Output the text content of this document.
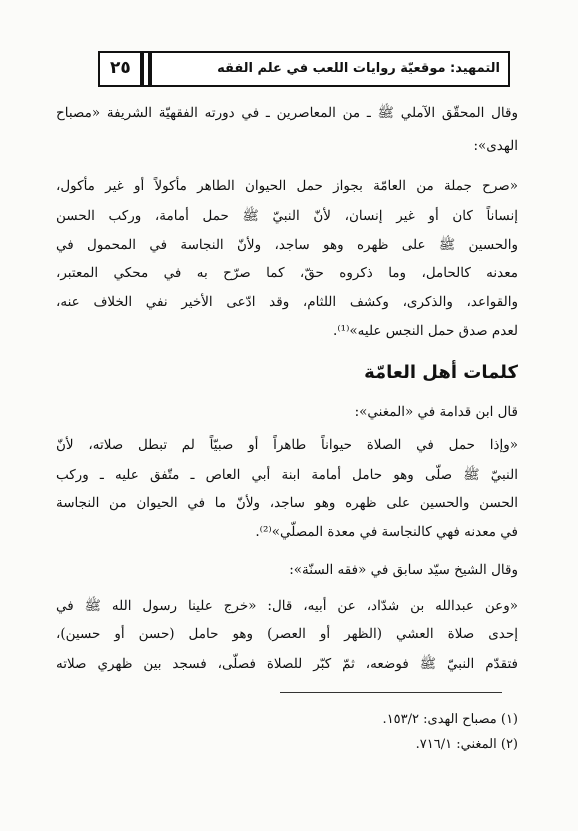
التمهيد: موقعيّة روايات اللعب في علم الفقه
٢٥
وقال المحقّق الآملي ﷺ ـ من المعاصرين ـ في دورته الفقهيّة الشريفة «مصباح
الهدى»:
«صرح جملة من العامّة بجواز حمل الحيوان الطاهر مأكولاً أو غير مأكول،
إنساناً كان أو غير إنسان، لأنّ النبيّ ﷺ حمل أمامة، وركب الحسن
والحسين ﷺ على ظهره وهو ساجد، ولأنّ النجاسة في المحمول في
معدنه كالحامل، وما ذكروه حقّ، كما صرّح به في محكي المعتبر،
والقواعد، والذكرى، وكشف اللثام، وقد ادّعى الأخير نفي الخلاف عنه،
لعدم صدق حمل النجس عليه»⁽¹⁾.
كلمات أهل العامّة
قال ابن قدامة في «المغني»:
«وإذا حمل في الصلاة حيواناً طاهراً أو صبيّاً لم تبطل صلاته، لأنّ
النبيّ ﷺ صلّى وهو حامل أمامة ابنة أبي العاص ـ متّفق عليه ـ وركب
الحسن والحسين على ظهره وهو ساجد، ولأنّ ما في الحيوان من النجاسة
في معدنه فهي كالنجاسة في معدة المصلّي»⁽²⁾.
وقال الشيخ سيّد سابق في «فقه السنّة»:
«وعن عبدالله بن شدّاد، عن أبيه، قال: «خرج علينا رسول الله ﷺ في
إحدى صلاة العشي (الظهر أو العصر) وهو حامل (حسن أو حسين)،
فتقدّم النبيّ ﷺ فوضعه، ثمّ كبّر للصلاة فصلّى، فسجد بين ظهري صلاته
(١) مصباح الهدى: ١٥٣/٢.
(٢) المغني: ٧١٦/١.
